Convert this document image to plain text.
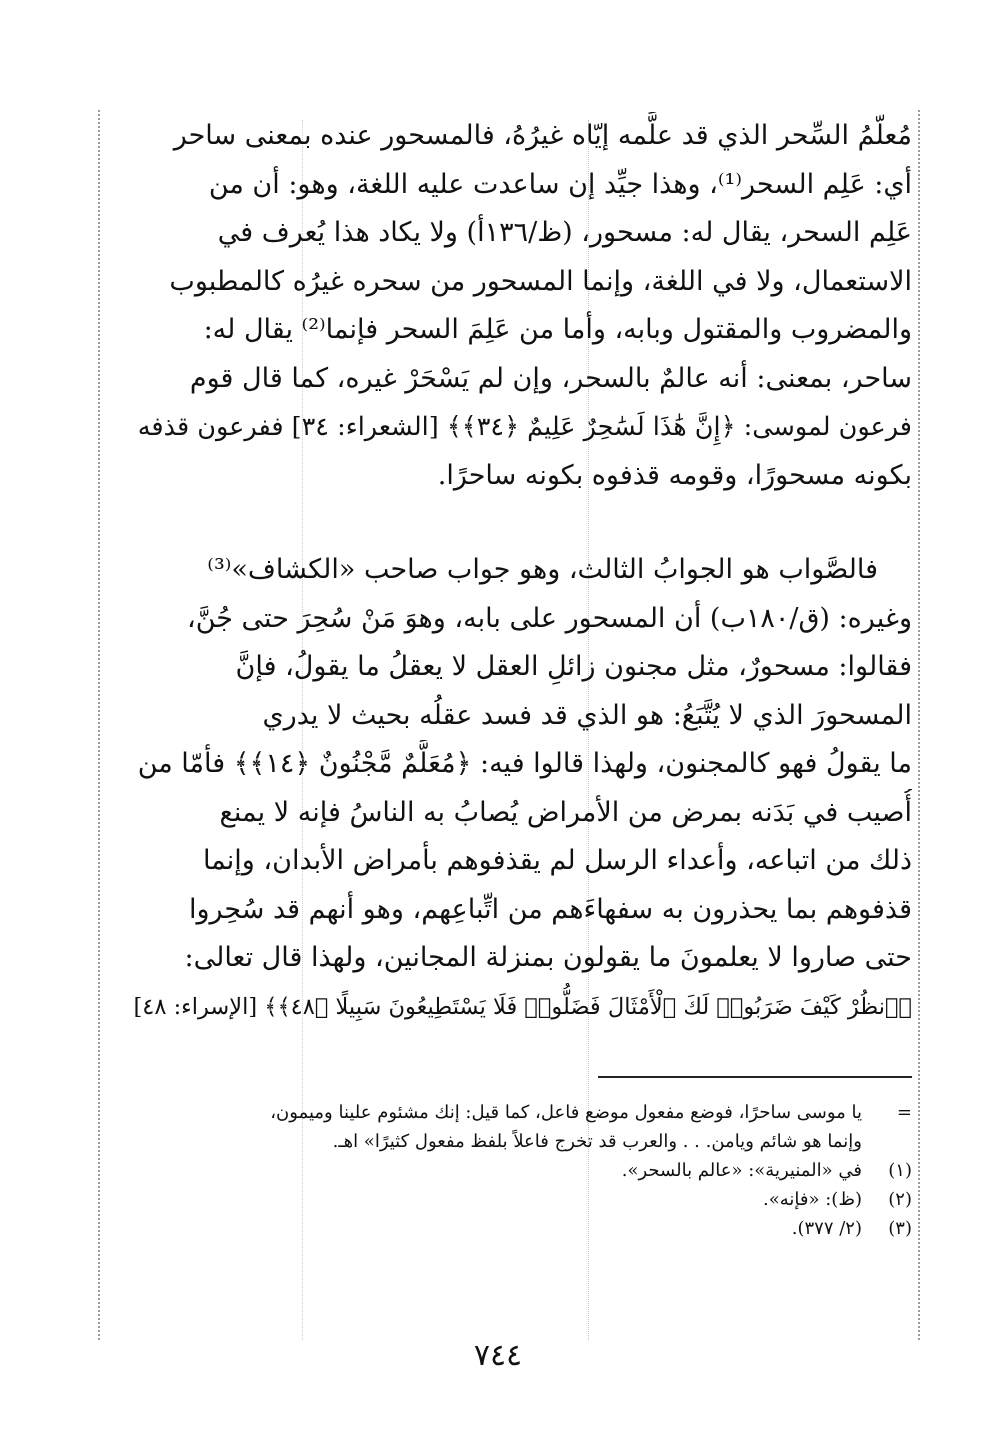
مُعلّمُ السِّحر الذي قد علَّمه إيّاه غيرُهُ، فالمسحور عنده بمعنى ساحر
أي: عَلِم السحر⁽¹⁾، وهذا جيِّد إن ساعدت عليه اللغة، وهو: أن من
عَلِم السحر، يقال له: مسحور، (ظ/١٣٦أ) ولا يكاد هذا يُعرف في
الاستعمال، ولا في اللغة، وإنما المسحور من سحره غيرُه كالمطبوب
والمضروب والمقتول وبابه، وأما من عَلِمَ السحر فإنما⁽²⁾ يقال له:
ساحر، بمعنى: أنه عالمٌ بالسحر، وإن لم يَسْحَرْ غيره، كما قال قوم
فرعون لموسى: ﴿إِنَّ هَٰذَا لَسَٰحِرٌ عَلِيمٌ ﴿٣٤﴾﴾ [الشعراء: ٣٤] ففرعون قذفه
بكونه مسحورًا، وقومه قذفوه بكونه ساحرًا.
فالصَّواب هو الجوابُ الثالث، وهو جواب صاحب «الكشاف»⁽³⁾
وغيره: (ق/١٨٠ب) أن المسحور على بابه، وهوَ مَنْ سُحِرَ حتى جُنَّ،
فقالوا: مسحورٌ، مثل مجنون زائلِ العقل لا يعقلُ ما يقولُ، فإنَّ
المسحورَ الذي لا يُتَّبَعُ: هو الذي قد فسد عقلُه بحيث لا يدري
ما يقولُ فهو كالمجنون، ولهذا قالوا فيه: ﴿مُعَلَّمٌ مَّجْنُونٌ ﴿١٤﴾﴾ فأمّا من
أُصيب في بَدَنه بمرض من الأمراض يُصابُ به الناسُ فإنه لا يمنع
ذلك من اتباعه، وأعداء الرسل لم يقذفوهم بأمراض الأبدان، وإنما
قذفوهم بما يحذرون به سفهاءَهم من اتِّباعِهم، وهو أنهم قد سُحِروا
حتى صاروا لا يعلمونَ ما يقولون بمنزلة المجانين، ولهذا قال تعالى:
﴿ٱنظُرْ كَيْفَ ضَرَبُوا۟ لَكَ ٱلْأَمْثَالَ فَضَلُّوا۟ فَلَا يَسْتَطِيعُونَ سَبِيلًا ﴿٤٨﴾﴾ [الإسراء: ٤٨]
=
يا موسى ساحرًا، فوضع مفعول موضع فاعل، كما قيل: إنك مشئوم علينا وميمون،
وإنما هو شائم ويامن. . . والعرب قد تخرج فاعلاً بلفظ مفعول كثيرًا» اهـ.
(١)في «المنيرية»: «عالم بالسحر».
(٢)(ظ): «فإنه».
(٣)(٢/ ٣٧٧).
٧٤٤
